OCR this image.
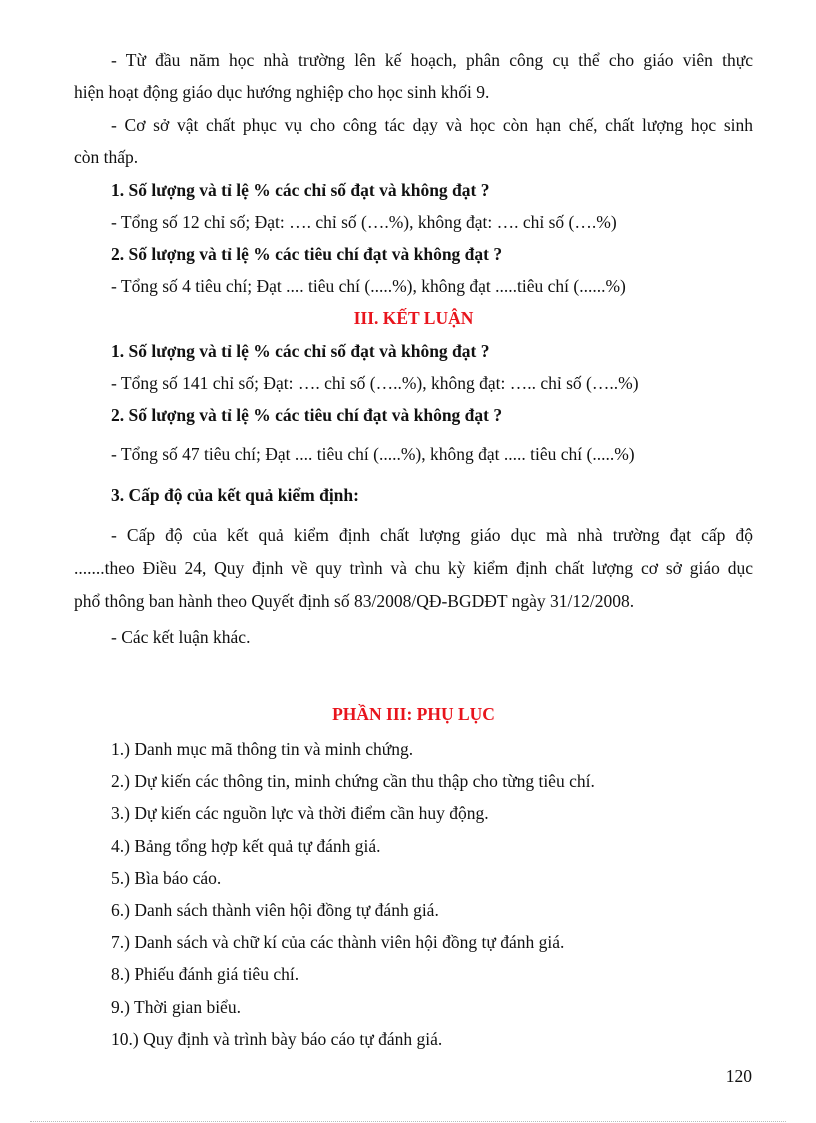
- Từ đầu năm học nhà trường lên kế hoạch, phân công cụ thể cho giáo viên thực
hiện hoạt động giáo dục hướng nghiệp cho học sinh khối 9.
- Cơ sở vật chất phục vụ cho công tác dạy và học còn hạn chế, chất lượng học sinh
còn thấp.
1. Số lượng và tỉ lệ % các chỉ số đạt và không đạt ?
- Tổng số 12 chỉ số; Đạt: …. chỉ số (….%), không đạt: …. chỉ số (….%)
2. Số lượng và tỉ lệ % các tiêu chí đạt và không đạt ?
- Tổng số 4 tiêu chí; Đạt .... tiêu chí (.....%), không đạt .....tiêu chí (......%)
III. KẾT LUẬN
1. Số lượng và tỉ lệ % các chỉ số đạt và không đạt ?
- Tổng số 141 chỉ số; Đạt: …. chỉ số (…..%), không đạt: ….. chỉ số (…..%)
2. Số lượng và tỉ lệ % các tiêu chí đạt và không đạt ?
- Tổng số 47 tiêu chí; Đạt .... tiêu chí (.....%), không đạt ..... tiêu chí (.....%)
3. Cấp độ của kết quả kiểm định:
- Cấp độ của kết quả kiểm định chất lượng giáo dục mà nhà trường đạt cấp độ
.......theo Điều 24, Quy định về quy trình và chu kỳ kiểm định chất lượng cơ sở giáo dục
phổ thông ban hành theo Quyết định số 83/2008/QĐ-BGDĐT ngày 31/12/2008.
- Các kết luận khác.
PHẦN III: PHỤ LỤC
1.) Danh mục mã thông tin và minh chứng.
2.) Dự kiến các thông tin, minh chứng cần thu thập cho từng tiêu chí.
3.) Dự kiến các nguồn lực và thời điểm cần huy động.
4.) Bảng tổng hợp kết quả tự đánh giá.
5.) Bìa báo cáo.
6.) Danh sách thành viên hội đồng tự đánh giá.
7.) Danh sách và chữ kí của các thành viên hội đồng tự đánh giá.
8.) Phiếu đánh giá tiêu chí.
9.) Thời gian biểu.
10.) Quy định và trình bày báo cáo tự đánh giá.
120
